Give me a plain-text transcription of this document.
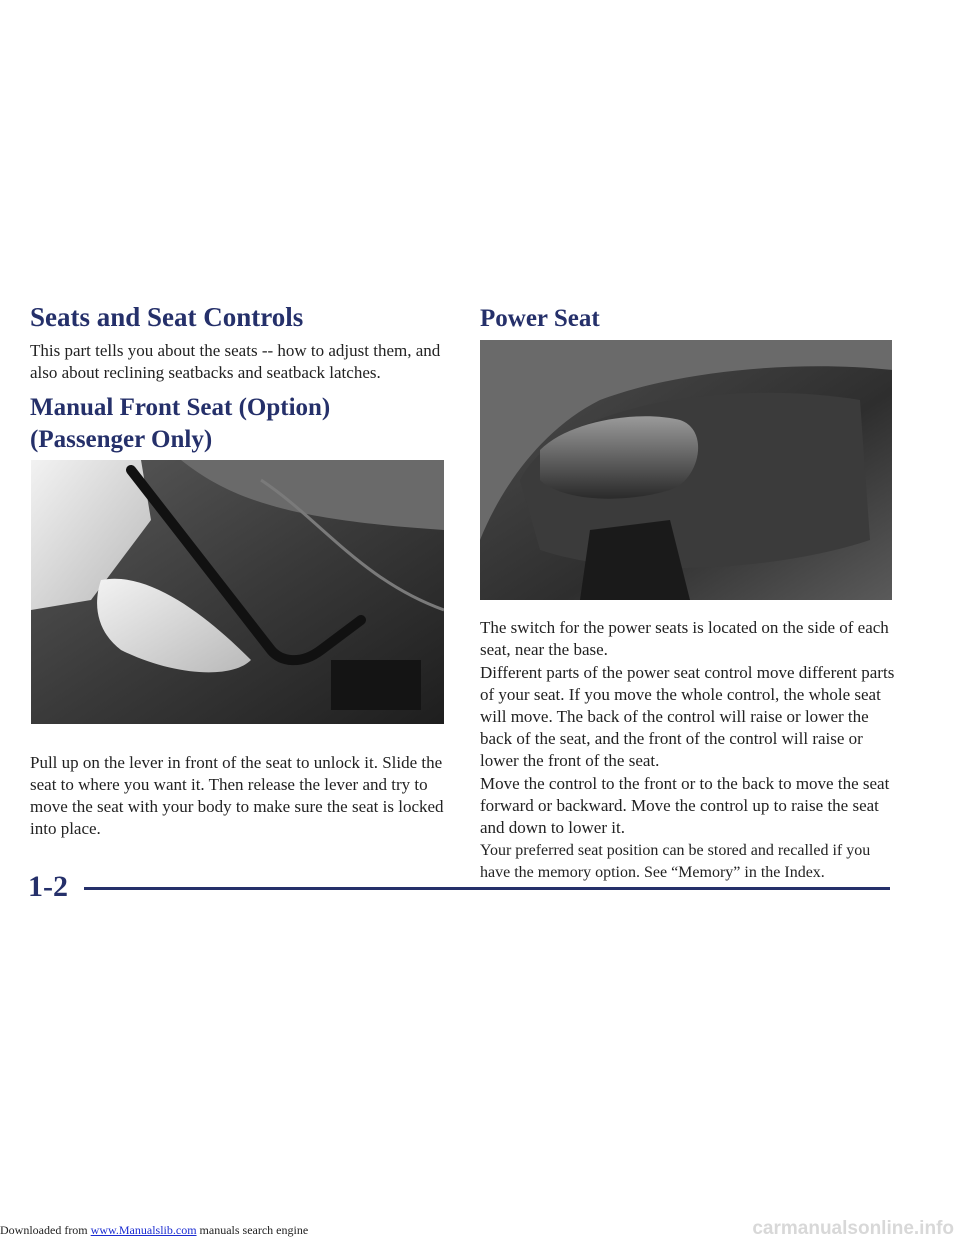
Seats and Seat Controls

This part tells you about the seats -- how to adjust them, and also about reclining seatbacks and seatback latches.

Manual Front Seat (Option)
(Passenger Only)

Pull up on the lever in front of the seat to unlock it. Slide the seat to where you want it. Then release the lever and try to move the seat with your body to make sure the seat is locked into place.

Power Seat

The switch for the power seats is located on the side of each seat, near the base.

Different parts of the power seat control move different parts of your seat. If you move the whole control, the whole seat will move. The back of the control will raise or lower the back of the seat, and the front of the control will raise or lower the front of the seat.

Move the control to the front or to the back to move the seat forward or backward. Move the control up to raise the seat and down to lower it.

Your preferred seat position can be stored and recalled if you have the memory option. See “Memory” in the Index.

1-2
Downloaded from www.Manualslib.com manuals search engine	carmanualsonline.info
